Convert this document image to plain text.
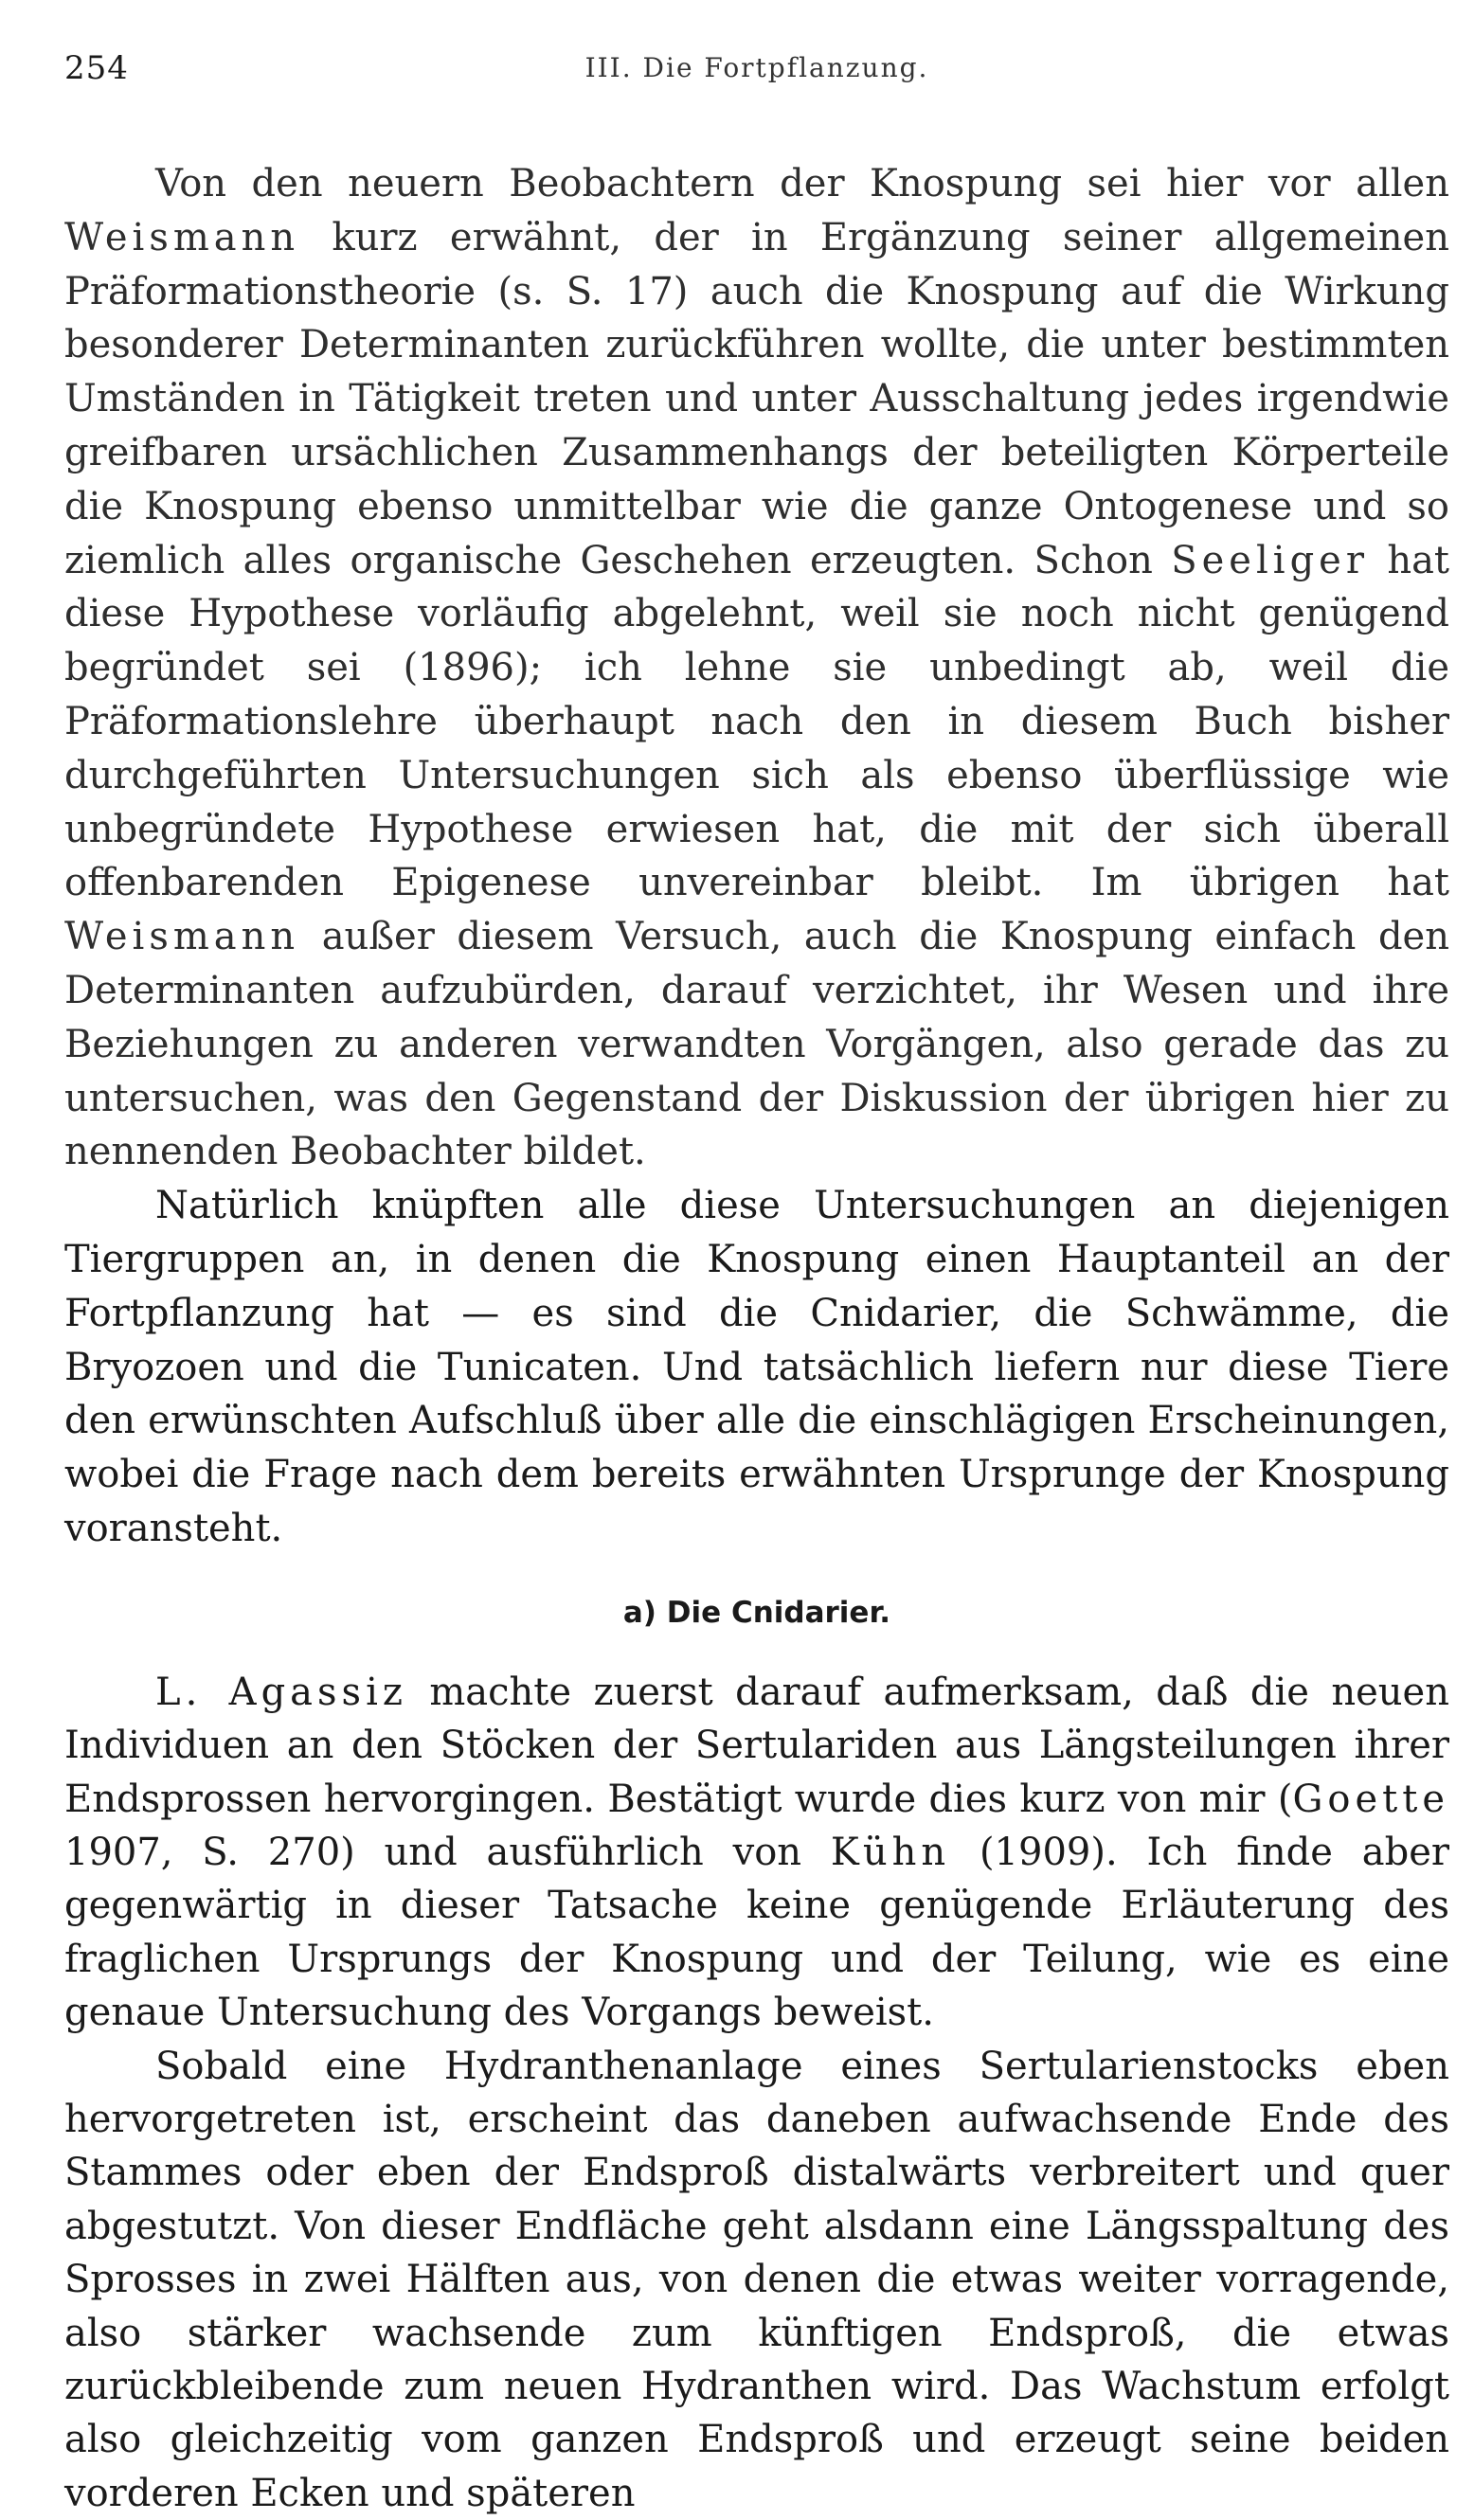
254	III. Die Fortpflanzung.

Von den neuern Beobachtern der Knospung sei hier vor allen Weismann kurz erwähnt, der in Ergänzung seiner allgemeinen Präformationstheorie (s. S. 17) auch die Knospung auf die Wirkung besonderer Determinanten zurückführen wollte, die unter bestimmten Umständen in Tätigkeit treten und unter Ausschaltung jedes irgendwie greifbaren ursächlichen Zusammenhangs der beteiligten Körperteile die Knospung ebenso unmittelbar wie die ganze Ontogenese und so ziemlich alles organische Geschehen erzeugten. Schon Seeliger hat diese Hypothese vorläufig abgelehnt, weil sie noch nicht genügend begründet sei (1896); ich lehne sie unbedingt ab, weil die Präformationslehre überhaupt nach den in diesem Buch bisher durchgeführten Untersuchungen sich als ebenso überflüssige wie unbegründete Hypothese erwiesen hat, die mit der sich überall offenbarenden Epigenese unvereinbar bleibt. Im übrigen hat Weismann außer diesem Versuch, auch die Knospung einfach den Determinanten aufzubürden, darauf verzichtet, ihr Wesen und ihre Beziehungen zu anderen verwandten Vorgängen, also gerade das zu untersuchen, was den Gegenstand der Diskussion der übrigen hier zu nennenden Beobachter bildet.

Natürlich knüpften alle diese Untersuchungen an diejenigen Tiergruppen an, in denen die Knospung einen Hauptanteil an der Fortpflanzung hat — es sind die Cnidarier, die Schwämme, die Bryozoen und die Tunicaten. Und tatsächlich liefern nur diese Tiere den erwünschten Aufschluß über alle die einschlägigen Erscheinungen, wobei die Frage nach dem bereits erwähnten Ursprunge der Knospung voransteht.

a) Die Cnidarier.

L. Agassiz machte zuerst darauf aufmerksam, daß die neuen Individuen an den Stöcken der Sertulariden aus Längsteilungen ihrer Endsprossen hervorgingen. Bestätigt wurde dies kurz von mir (Goette 1907, S. 270) und ausführlich von Kühn (1909). Ich finde aber gegenwärtig in dieser Tatsache keine genügende Erläuterung des fraglichen Ursprungs der Knospung und der Teilung, wie es eine genaue Untersuchung des Vorgangs beweist.

Sobald eine Hydranthenanlage eines Sertularienstocks eben hervorgetreten ist, erscheint das daneben aufwachsende Ende des Stammes oder eben der Endsproß distalwärts verbreitert und quer abgestutzt. Von dieser Endfläche geht alsdann eine Längsspaltung des Sprosses in zwei Hälften aus, von denen die etwas weiter vorragende, also stärker wachsende zum künftigen Endsproß, die etwas zurückbleibende zum neuen Hydranthen wird. Das Wachstum erfolgt also gleichzeitig vom ganzen Endsproß und erzeugt seine beiden vorderen Ecken und späteren
